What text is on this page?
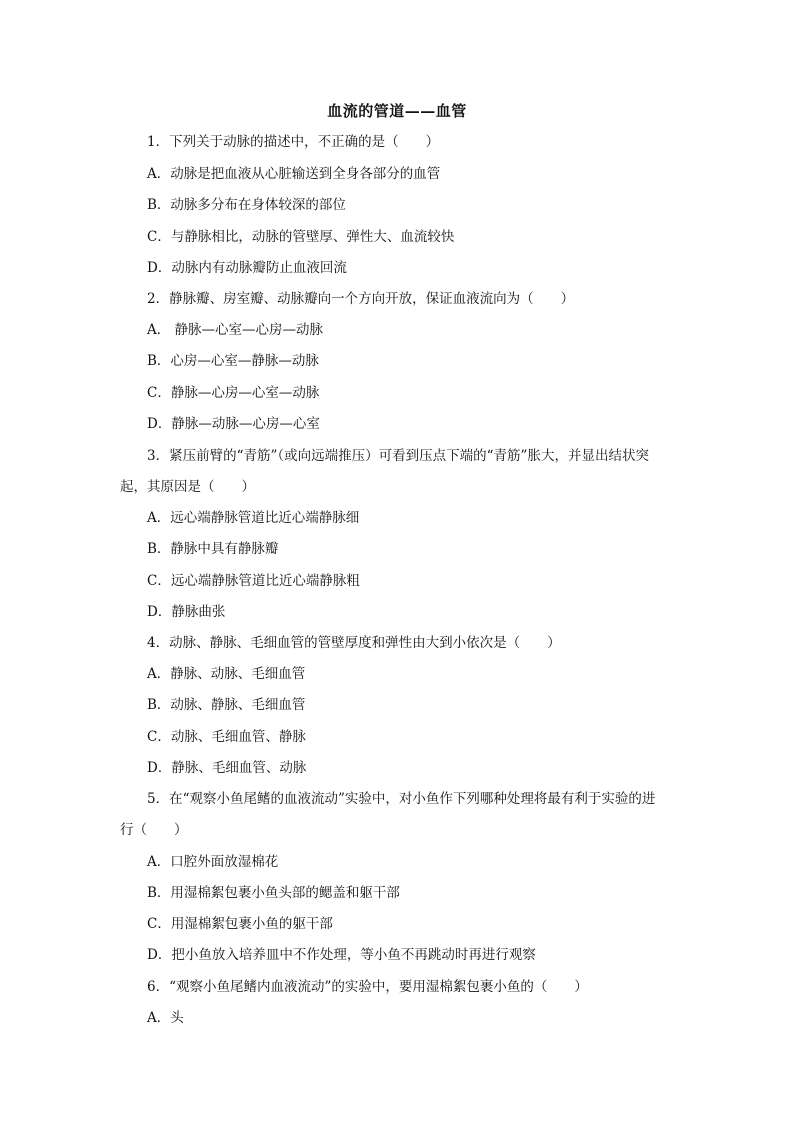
血流的管道——血管
1．下列关于动脉的描述中，不正确的是（　　）
A．动脉是把血液从心脏输送到全身各部分的血管
B．动脉多分布在身体较深的部位
C．与静脉相比，动脉的管壁厚、弹性大、血流较快
D．动脉内有动脉瓣防止血液回流
2．静脉瓣、房室瓣、动脉瓣向一个方向开放，保证血液流向为（　　）
A． 静脉—心室—心房—动脉
B．心房—心室—静脉—动脉
C．静脉—心房—心室—动脉
D．静脉—动脉—心房—心室
3．紧压前臂的“青筋”（或向远端推压）可看到压点下端的“青筋”胀大，并显出结状突
起，其原因是（　　）
A．远心端静脉管道比近心端静脉细
B．静脉中具有静脉瓣
C．远心端静脉管道比近心端静脉粗
D．静脉曲张
4．动脉、静脉、毛细血管的管壁厚度和弹性由大到小依次是（　　）
A．静脉、动脉、毛细血管
B．动脉、静脉、毛细血管
C．动脉、毛细血管、静脉
D．静脉、毛细血管、动脉
5．在“观察小鱼尾鳍的血液流动”实验中，对小鱼作下列哪种处理将最有利于实验的进
行（　　）
A．口腔外面放湿棉花
B．用湿棉絮包裹小鱼头部的鳃盖和躯干部
C．用湿棉絮包裹小鱼的躯干部
D．把小鱼放入培养皿中不作处理，等小鱼不再跳动时再进行观察
6．“观察小鱼尾鳍内血液流动”的实验中，要用湿棉絮包裹小鱼的（　　）
A．头
